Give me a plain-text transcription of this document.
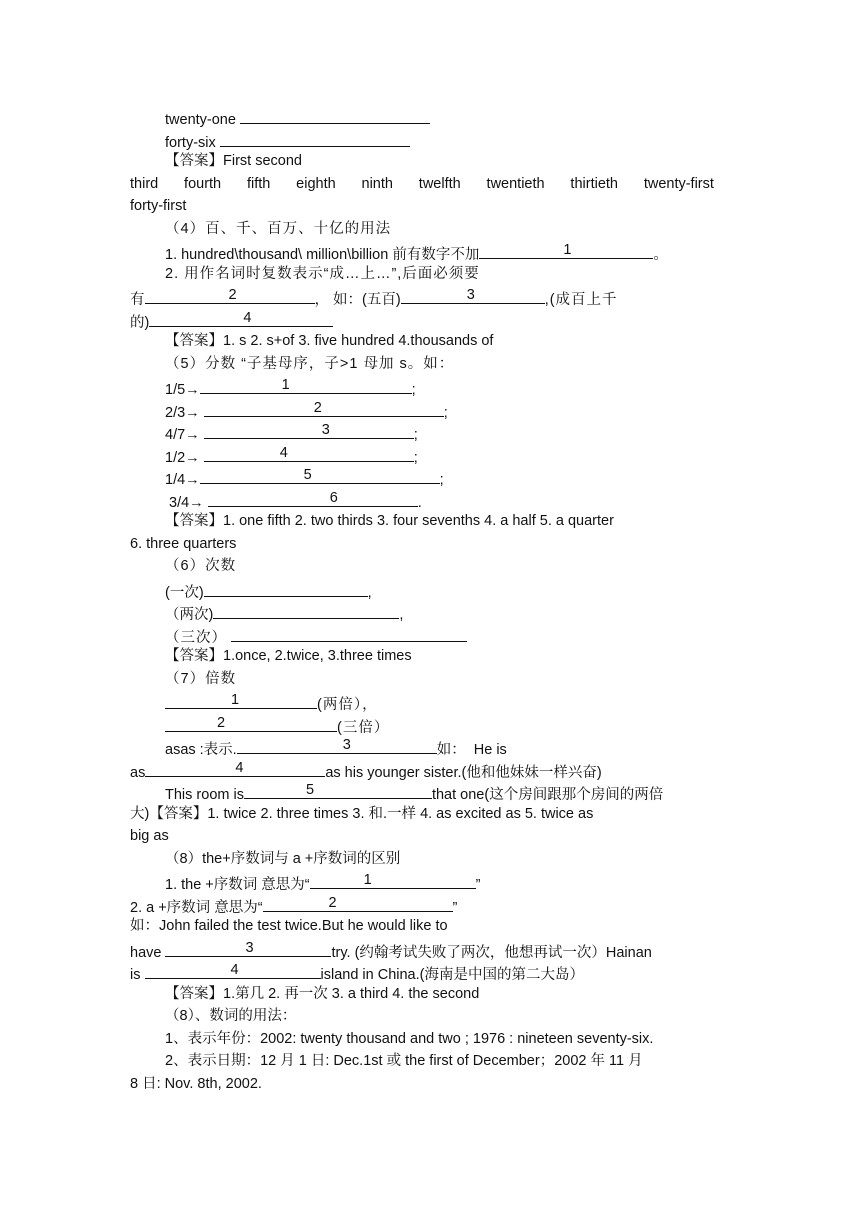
twenty-one
forty-six
【答案】First second
third fourth fifth eighth ninth twelfth twentieth thirtieth twenty-first
forty-first
（4）百、千、百万、十亿的用法
1. hundred\thousand\ million\billion 前有数字不加	1	。
2. 用作名词时复数表示“成…上…”,后面必须要
有	2	， 如：(五百)	3	,(成百上千
的)	4
【答案】1. s 2. s+of 3. five hundred 4.thousands of
（5）分数 “子基母序，子>1 母加 s。如：
1/5→	1	;
2/3→	2	;
4/7→	3	;
1/2→	4	;
1/4→	5	;
3/4→	6	.
【答案】1. one fifth 2. two thirds 3. four sevenths 4. a half 5. a quarter
6. three quarters
（6）次数
(一次)	,
（两次)	,
（三次）
【答案】1.once, 2.twice, 3.three times
（7）倍数
1	(两倍），
2	(三倍）
asas :表示.	3	如：  He is
as	4	as his younger sister.(他和他妹妹一样兴奋)
This room is	5	that one(这个房间跟那个房间的两倍
大)【答案】1. twice 2. three times 3. 和.一样 4. as excited as 5. twice as
big as
（8）the+序数词与 a +序数词的区别
1. the +序数词 意思为“	1	”
2. a +序数词 意思为“	2	”
如：John failed the test twice.But he would like to
have	3	try. (约翰考试失败了两次，他想再试一次）Hainan
is	4	island in China.(海南是中国的第二大岛）
【答案】1.第几 2. 再一次 3. a third 4. the second
（8）、数词的用法：
1、表示年份：2002: twenty thousand and two ; 1976 : nineteen seventy-six.
2、表示日期：12 月 1 日: Dec.1st 或 the first of December；2002 年 11 月
8 日: Nov. 8th, 2002.
